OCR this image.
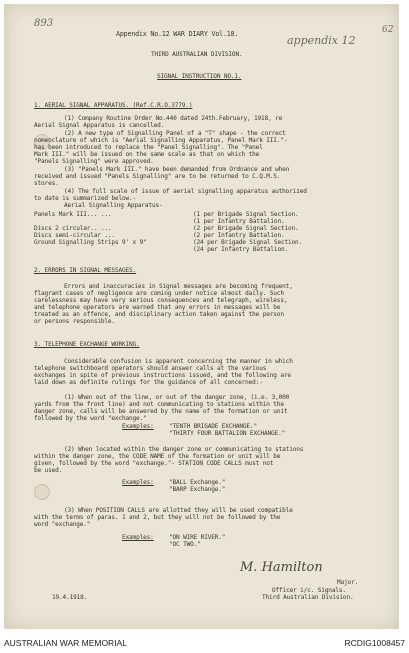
893
62
appendix 12
Appendix No.12 WAR DIARY Vol.18.
THIRD AUSTRALIAN DIVISION.
SIGNAL INSTRUCTION NO.1.
1. AERIAL SIGNAL APPARATUS. (Ref.C.R.O.3779.)
(1) Company Routine Order No.440 dated 24th.February, 1918, re
Aerial Signal Apparatus is cancelled.
(2) A new type of Signalling Panel of a "T" shape - the correct
nomenclature of which is "Aerial Signalling Apparatus, Panel Mark III."-
has been introduced to replace the "Panel Signalling". The "Panel
Mark III." will be issued on the same scale as that on which the
"Panels Signalling" were approved.
(3) "Panels Mark III." have been demanded from Ordnance and when
received and issued "Panels Signalling" are to be returned to C.Q.M.S.
stores.
(4) The full scale of issue of aerial signalling apparatus authorized
to date is summarized below.-
Aerial Signalling Apparatus-
Panels Mark III... ...	(1 per Brigade Signal Section.
(1 per Infantry Battalion.
Discs 2 circular.. ...	(2 per Brigade Signal Section.
Discs semi-circular ...	(2 per Infantry Battalion.
Ground Signalling Strips 9' x 9"	(24 per Brigade Signal Section.
(24 per Infantry Battalion.
2. ERRORS IN SIGNAL MESSAGES.
Errors and inaccuracies in Signal messages are becoming frequent,
flagrant cases of negligence are coming under notice almost daily. Such
carelessness may have very serious consequences and telegraph, wireless,
and telephone operators are warned that any errors in messages will be
treated as an offence, and disciplinary action taken against the person
or persons responsible.
3. TELEPHONE EXCHANGE WORKING.
Considerable confusion is apparent concerning the manner in which
telephone switchboard operators should answer calls at the various
exchanges in spite of previous instructions issued, and the following are
laid down as definite rulings for the guidance of all concerned:-
(1) When out of the line, or out of the danger zone, (i.e. 3,000
yards from the front line) and not communicating to stations within the
danger zone, calls will be answered by the name of the formation or unit
followed by the word "exchange."
Examples:	"TENTH BRIGADE EXCHANGE."
"THIRTY FOUR BATTALION EXCHANGE."
(2) When located within the danger zone or communicating to stations
within the danger zone, the CODE NAME of the formation or unit will be
given, followed by the word "exchange."- STATION CODE CALLS must not
be used.
Examples:	"BALL Exchange."
"BARP Exchange."
(3) When POSITION CALLS are allotted they will be used compatible
with the terms of paras. 1 and 2, but they will not be followed by the
word "exchange."
Examples:	"ON WIRE RIVER."
"OC TWO."
M. Hamilton
Major.
19.4.1918.
Officer i/c. Signals.
Third Australian Division.
AUSTRALIAN WAR MEMORIAL	RCDIG1008457
